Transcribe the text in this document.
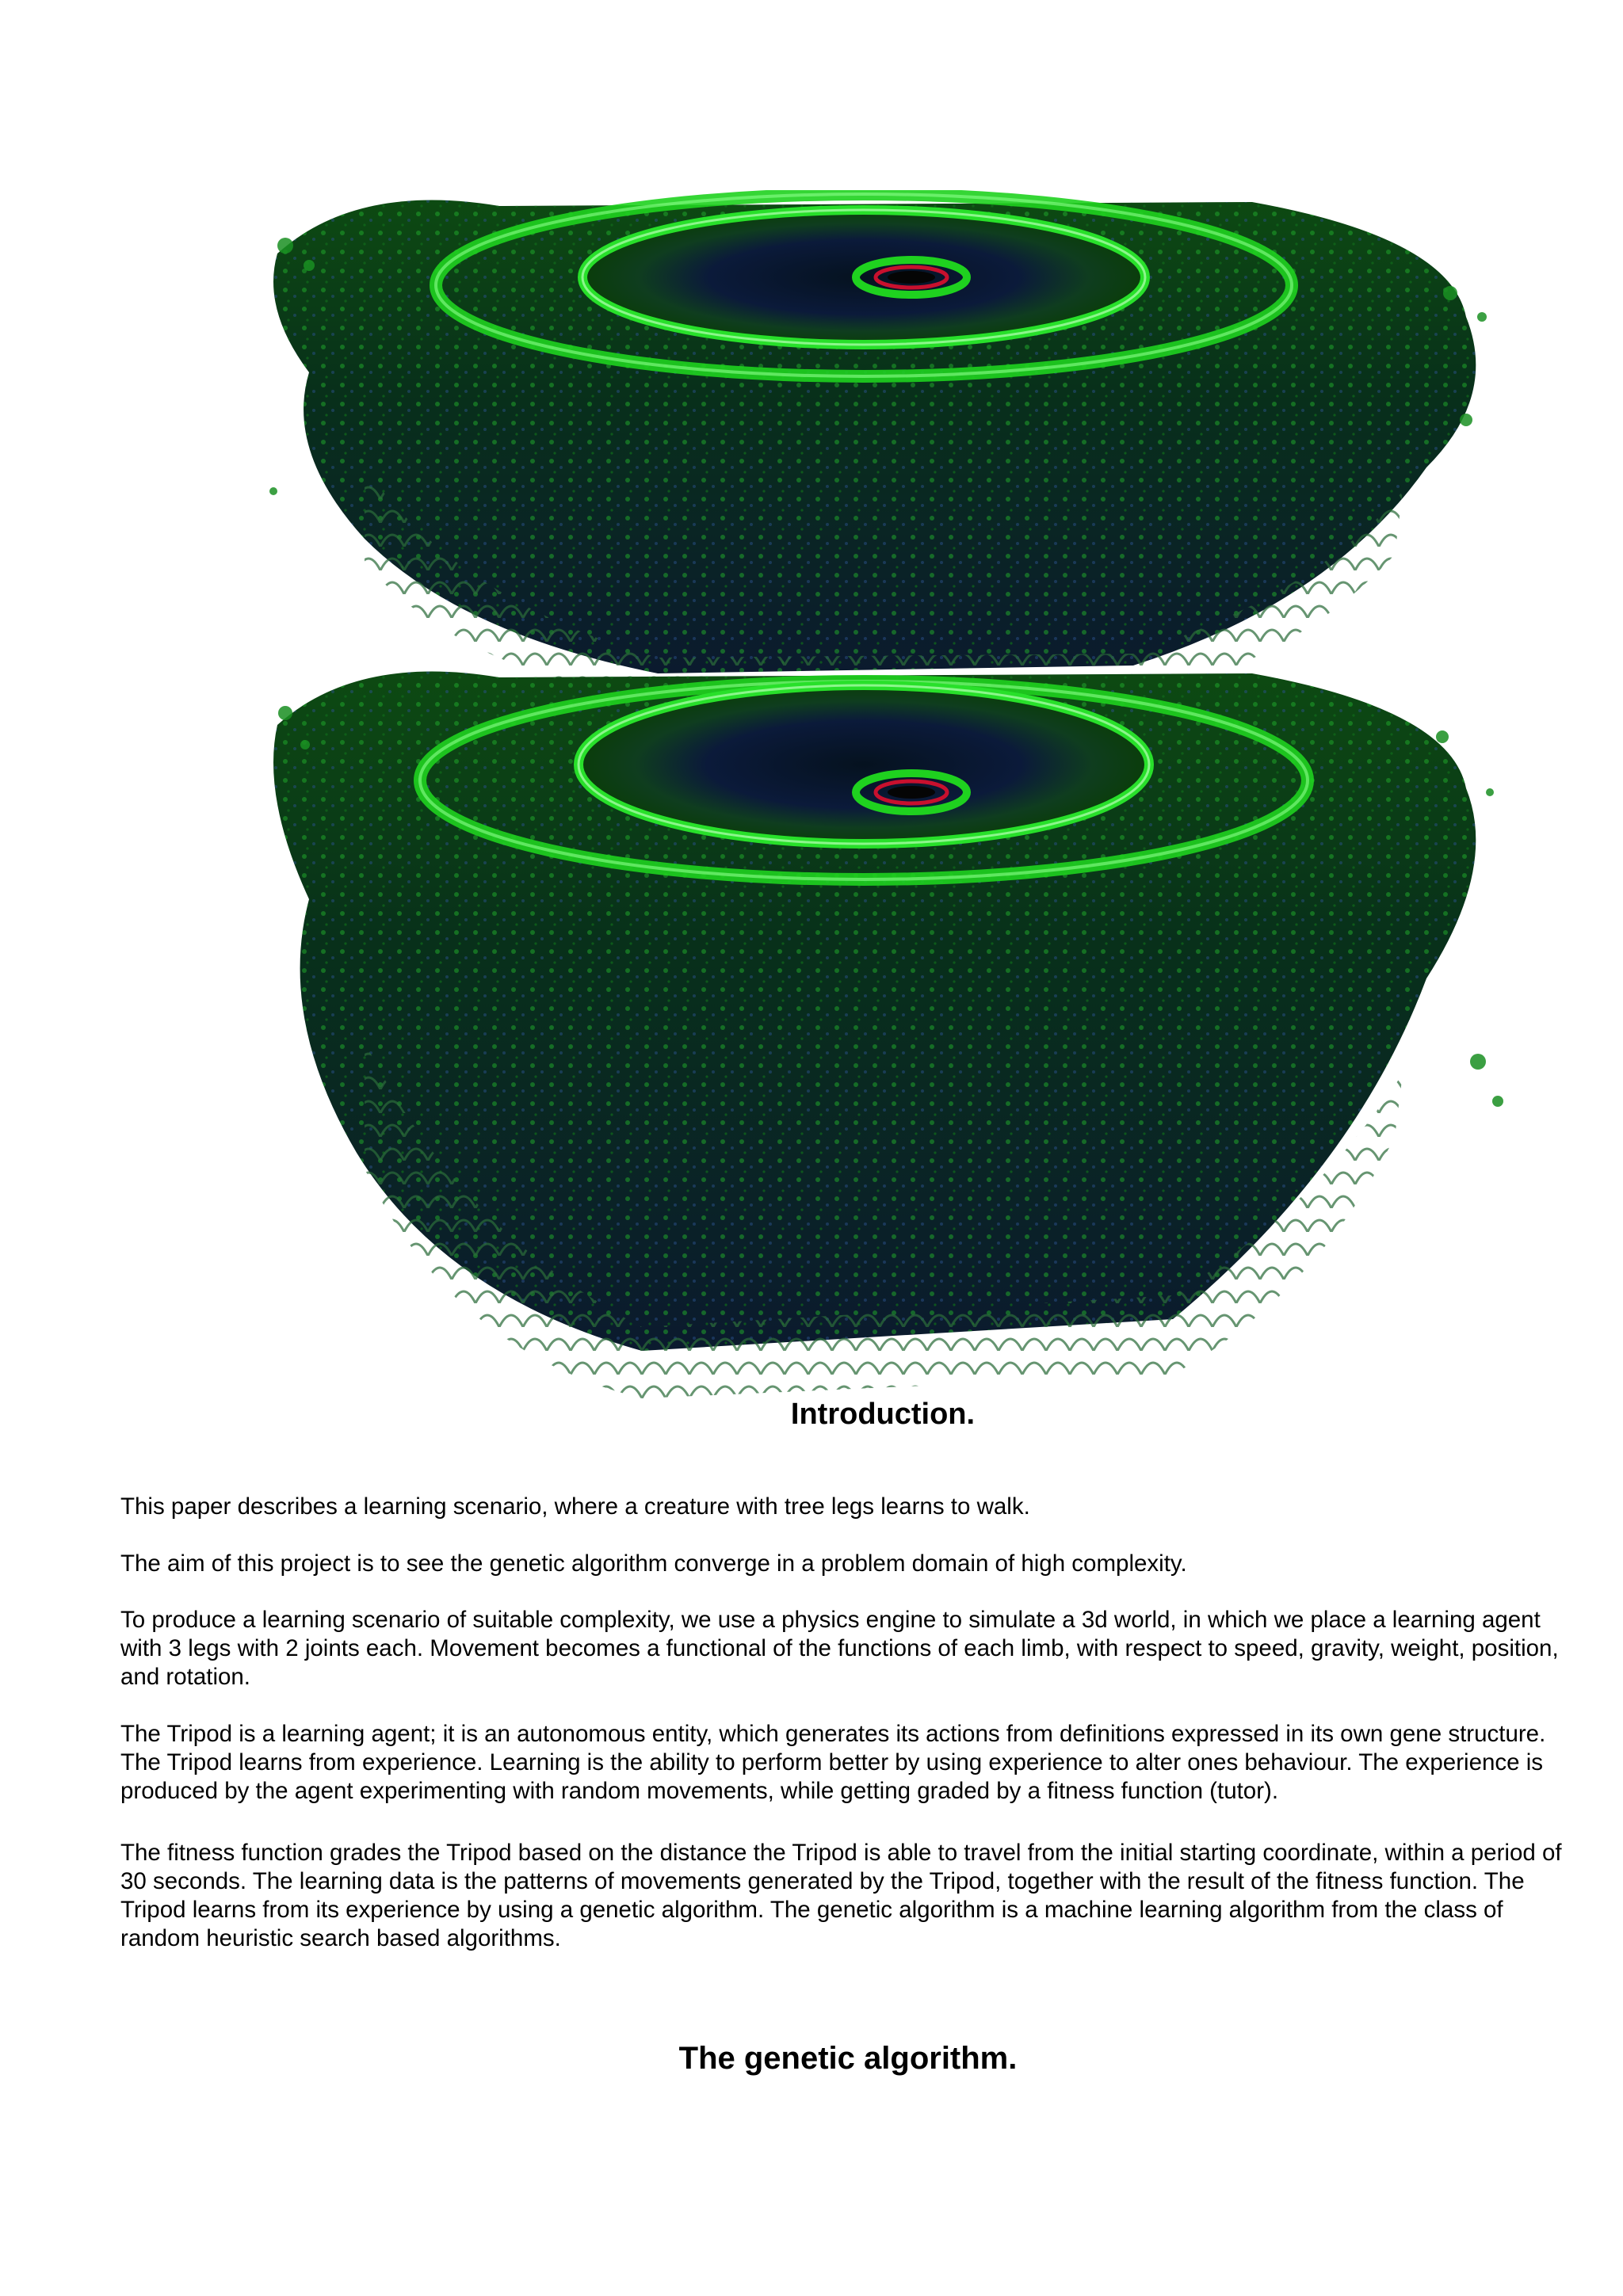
Introduction.

This paper describes a learning scenario, where a creature with tree legs learns to walk.

The aim of this project is to see the genetic algorithm converge in a problem domain of high complexity.

To produce a learning scenario of suitable complexity, we use a physics engine to simulate a 3d world, in which we place a learning agent with 3 legs with 2 joints each. Movement becomes a functional of the functions of each limb, with respect to speed, gravity, weight, position, and rotation.

The Tripod is a learning agent; it is an autonomous entity, which generates its actions from definitions expressed in its own gene structure. The Tripod learns from experience. Learning is the ability to perform better by using experience to alter ones behaviour. The experience is produced by the agent experimenting with random movements, while getting graded by a fitness function (tutor).

The fitness function grades the Tripod based on the distance the Tripod is able to travel from the initial starting coordinate, within a period of 30 seconds. The learning data is the patterns of movements generated by the Tripod, together with the result of the fitness function. The Tripod learns from its experience by using a genetic algorithm. The genetic algorithm is a machine learning algorithm from the class of random heuristic search based algorithms.

The genetic algorithm.
